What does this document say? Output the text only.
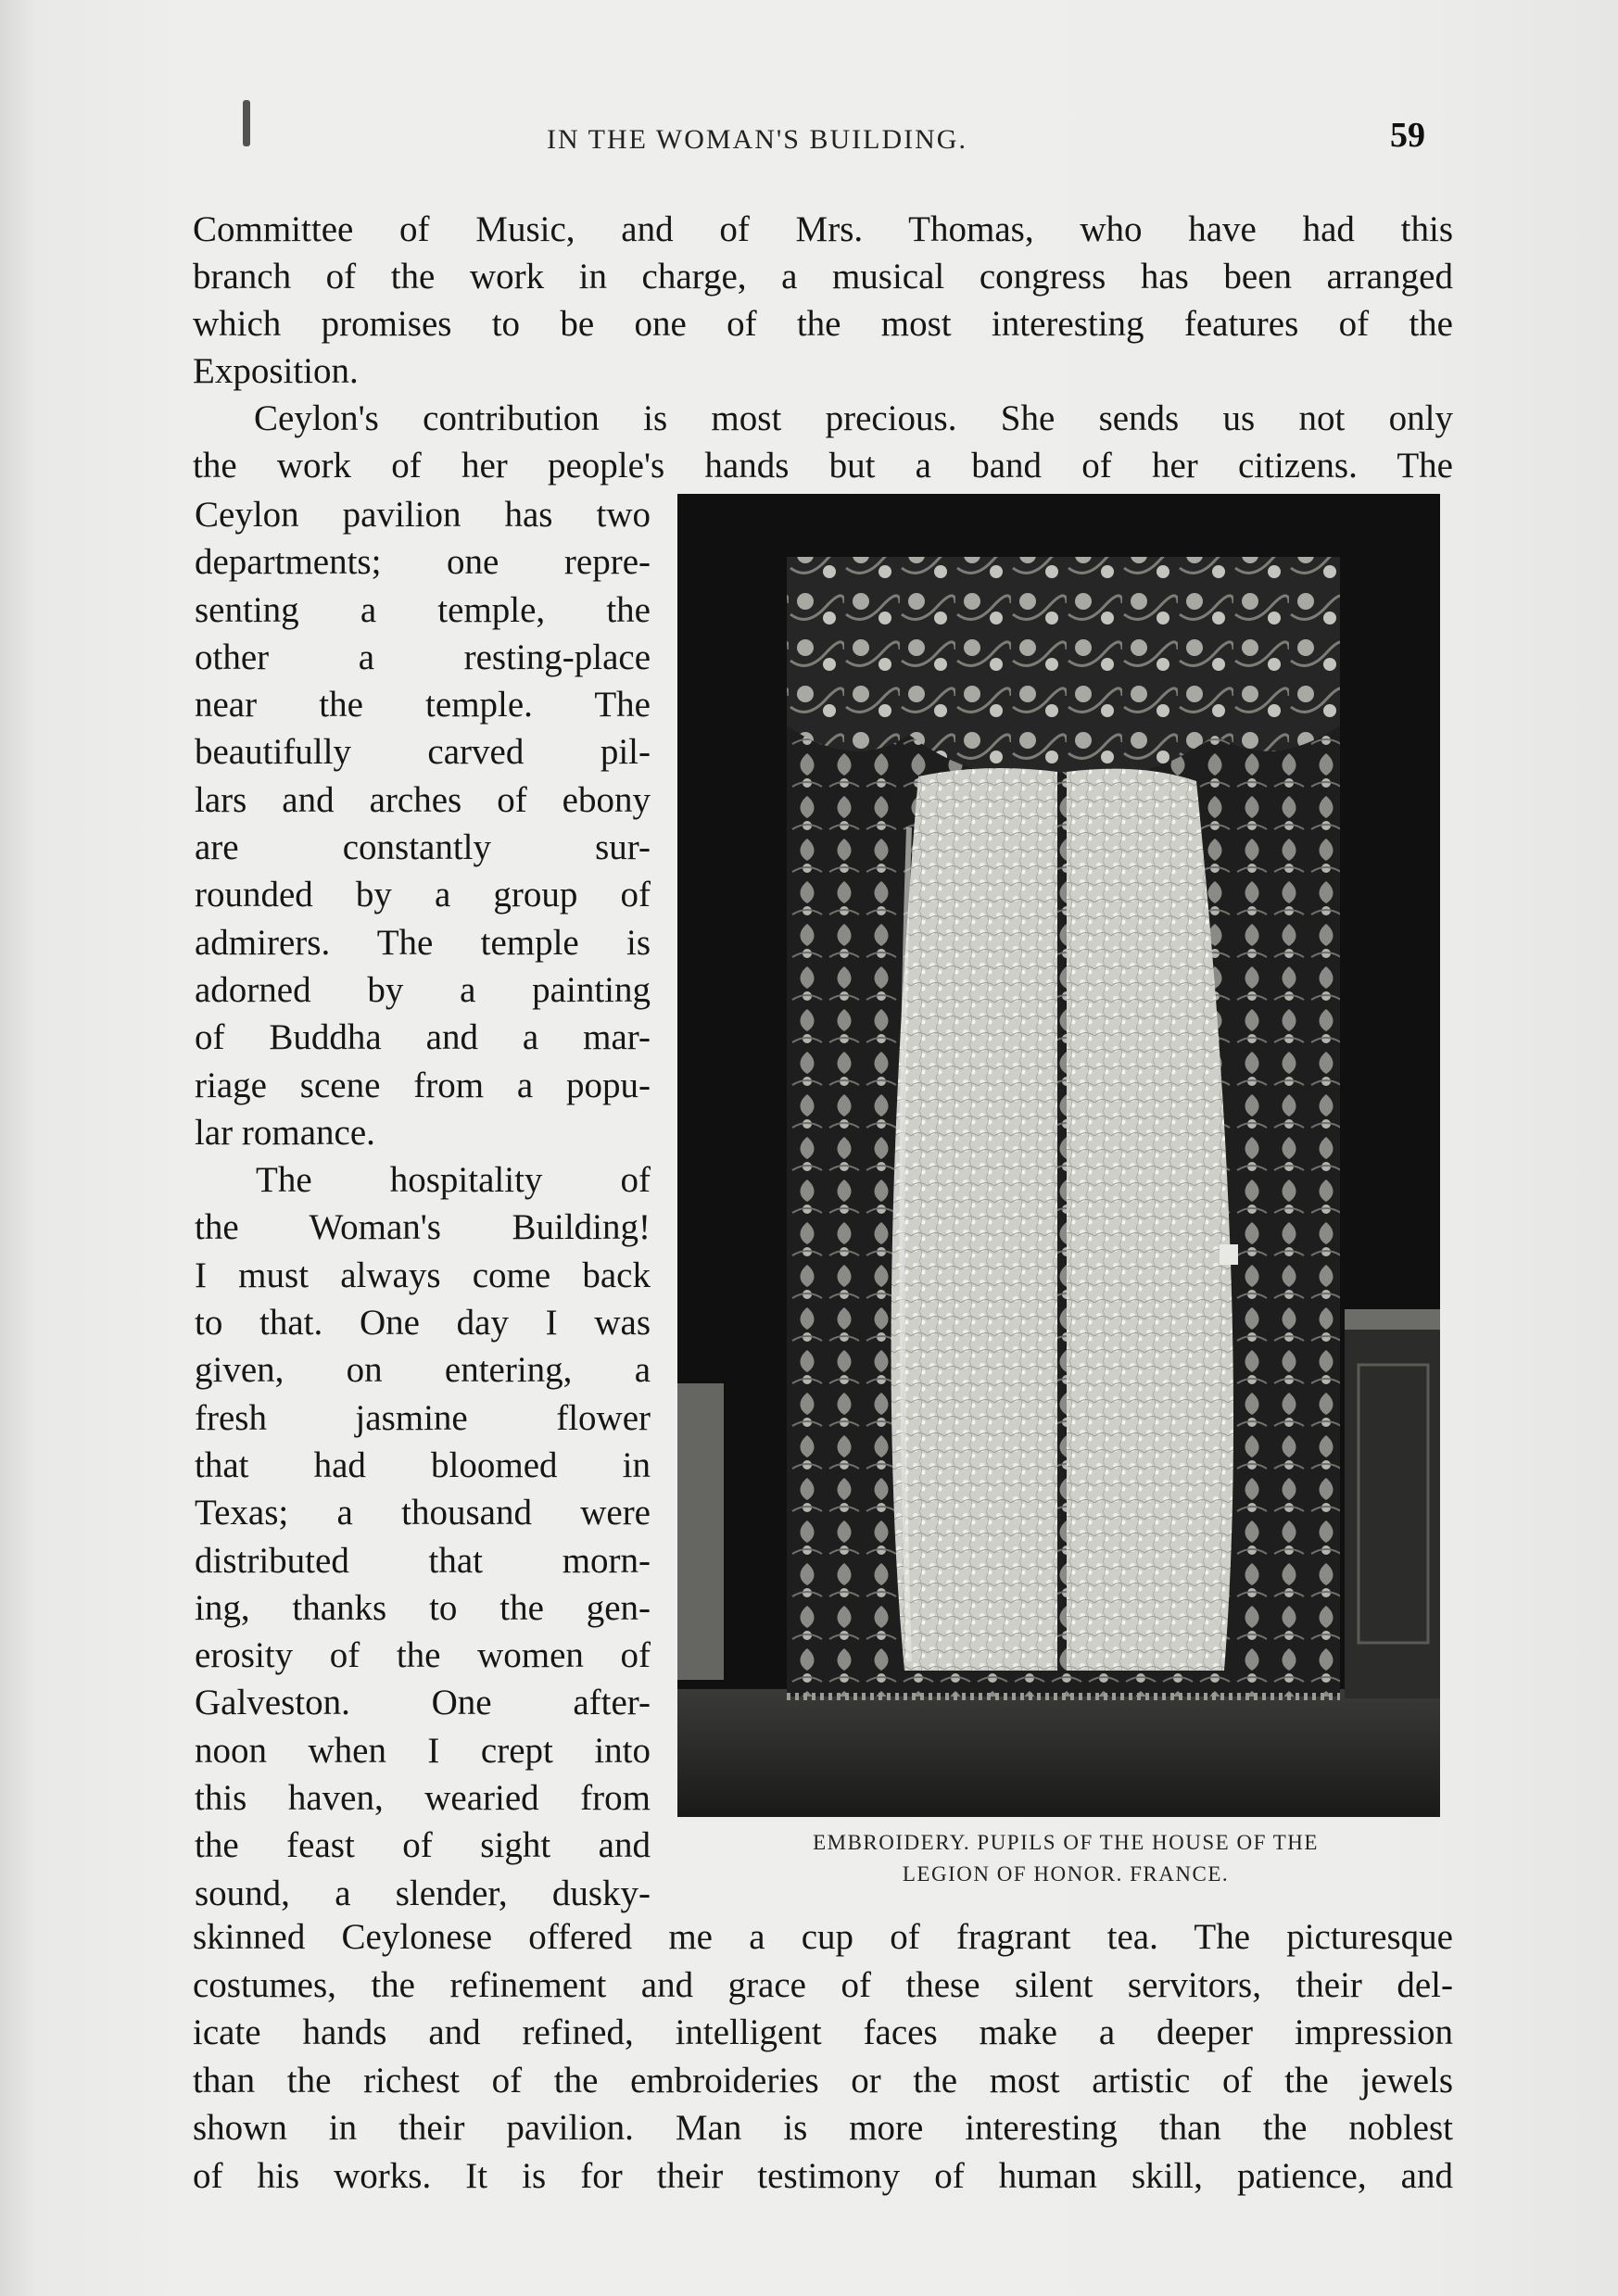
IN THE WOMAN'S BUILDING.	59
Committee of Music, and of Mrs. Thomas, who have had this
branch of the work in charge, a musical congress has been arranged
which promises to be one of the most interesting features of the
Exposition.
Ceylon's contribution is most precious. She sends us not only
the work of her people's hands but a band of her citizens. The
Ceylon pavilion has two
departments; one repre-
senting a temple, the
other a resting-place
near the temple. The
beautifully carved pil-
lars and arches of ebony
are constantly sur-
rounded by a group of
admirers. The temple is
adorned by a painting
of Buddha and a mar-
riage scene from a popu-
lar romance.
The hospitality of
the Woman's Building!
I must always come back
to that. One day I was
given, on entering, a
fresh jasmine flower
that had bloomed in
Texas; a thousand were
distributed that morn-
ing, thanks to the gen-
erosity of the women of
Galveston. One after-
noon when I crept into
this haven, wearied from
the feast of sight and
sound, a slender, dusky-
EMBROIDERY. PUPILS OF THE HOUSE OF THE
LEGION OF HONOR. FRANCE.
skinned Ceylonese offered me a cup of fragrant tea. The picturesque
costumes, the refinement and grace of these silent servitors, their del-
icate hands and refined, intelligent faces make a deeper impression
than the richest of the embroideries or the most artistic of the jewels
shown in their pavilion. Man is more interesting than the noblest
of his works. It is for their testimony of human skill, patience, and
